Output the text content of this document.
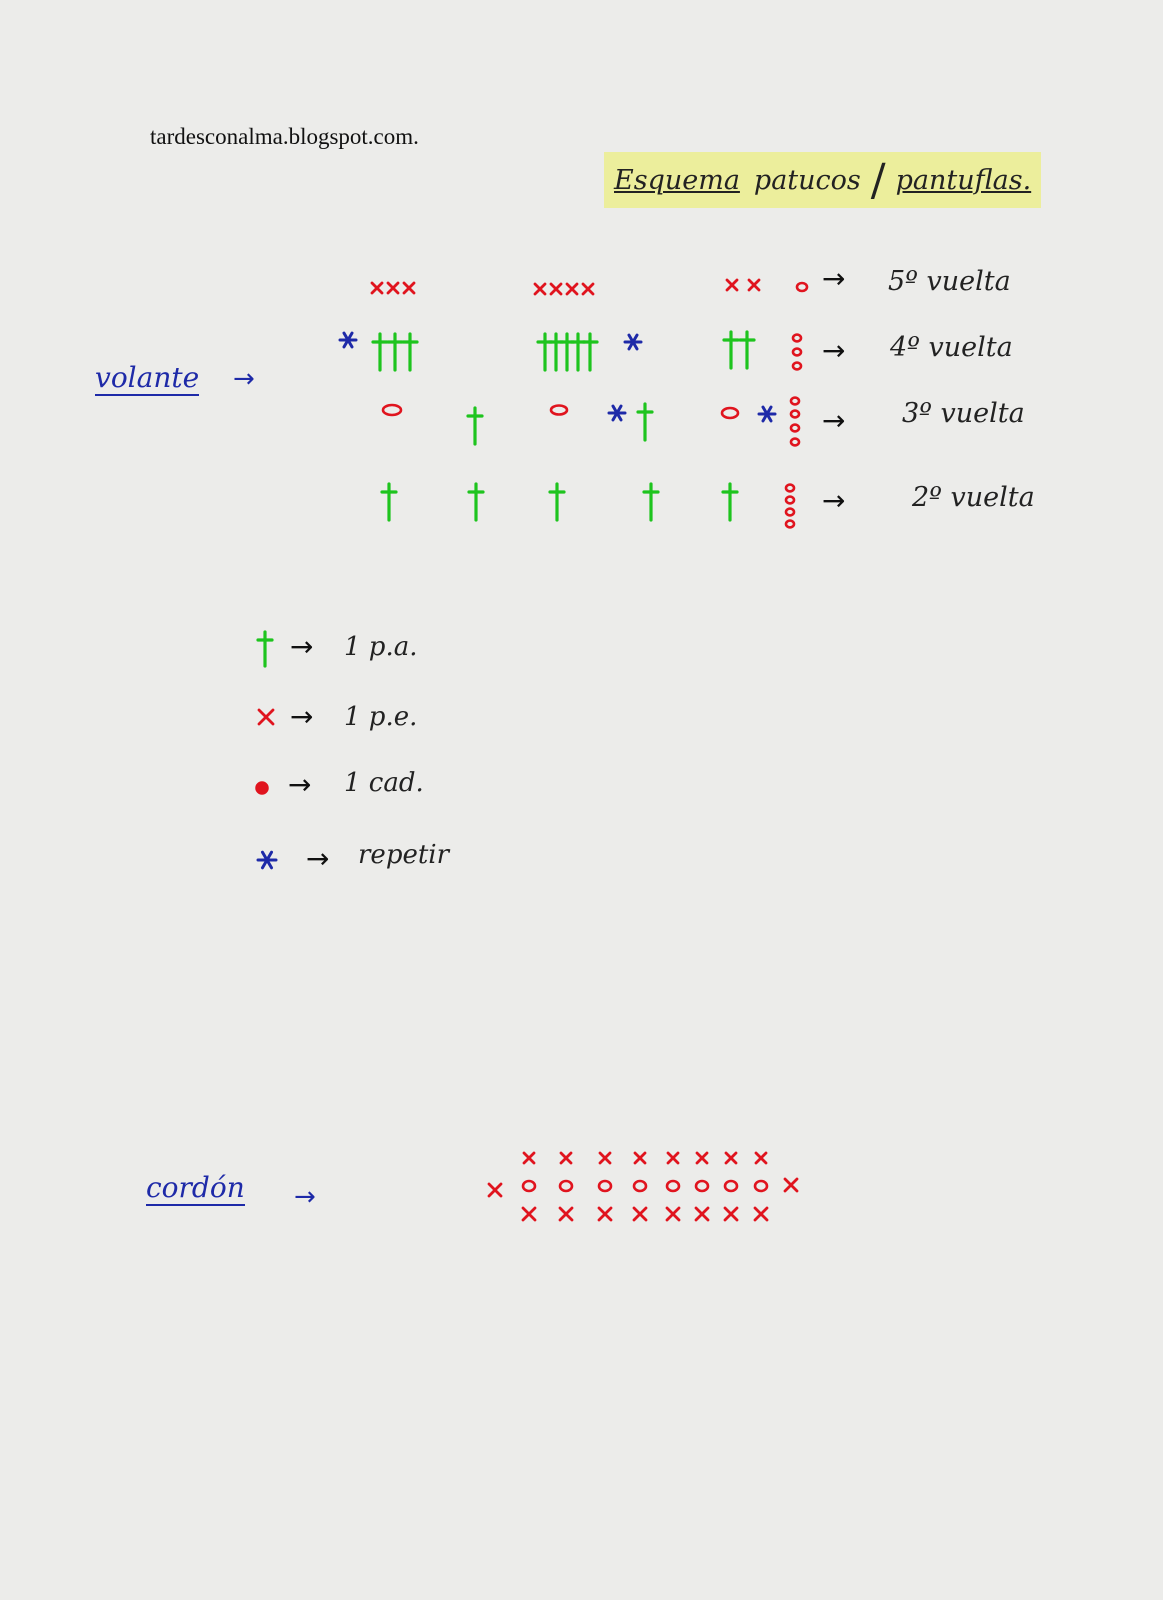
tardesconalma.blogspot.com.
Esquema patucos / pantuflas.
volante →
→ 5º vuelta
→ 4º vuelta
→ 3º vuelta
→ 2º vuelta
→ 1 p.a.
→ 1 p.e.
→ 1 cad.
→ repetir
cordón →
